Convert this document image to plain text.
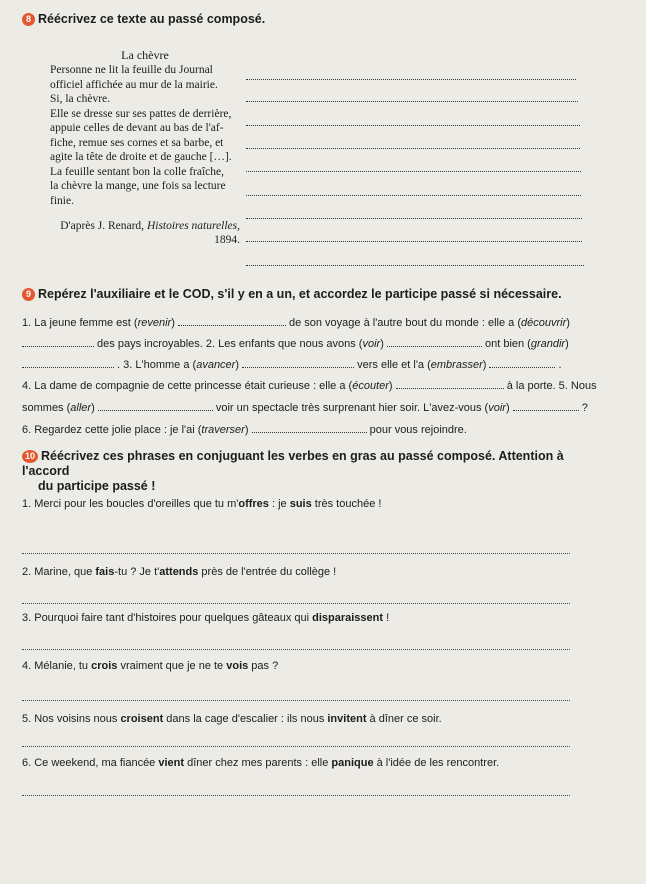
8 Réécrivez ce texte au passé composé.
La chèvre
Personne ne lit la feuille du Journal
officiel affichée au mur de la mairie.
Si, la chèvre.
Elle se dresse sur ses pattes de derrière,
appuie celles de devant au bas de l'af-
fiche, remue ses cornes et sa barbe, et
agite la tête de droite et de gauche […].
La feuille sentant bon la colle fraîche,
la chèvre la mange, une fois sa lecture
finie.
D'après J. Renard, Histoires naturelles,
1894.
9 Repérez l'auxiliaire et le COD, s'il y en a un, et accordez le participe passé si nécessaire.
1. La jeune femme est (revenir)	de son voyage à l'autre bout du monde : elle a (découvrir)
des pays incroyables. 2. Les enfants que nous avons (voir)	ont bien (grandir)
. 3. L'homme a (avancer)	vers elle et l'a (embrasser)	.
4. La dame de compagnie de cette princesse était curieuse : elle a (écouter)	à la porte. 5. Nous
sommes (aller)	voir un spectacle très surprenant hier soir. L'avez-vous (voir)	?
6. Regardez cette jolie place : je l'ai (traverser)	pour vous rejoindre.
10 Réécrivez ces phrases en conjuguant les verbes en gras au passé composé. Attention à l'accord
du participe passé !
1. Merci pour les boucles d'oreilles que tu m'offres : je suis très touchée !
2. Marine, que fais-tu ? Je t'attends près de l'entrée du collège !
3. Pourquoi faire tant d'histoires pour quelques gâteaux qui disparaissent !
4. Mélanie, tu crois vraiment que je ne te vois pas ?
5. Nos voisins nous croisent dans la cage d'escalier : ils nous invitent à dîner ce soir.
6. Ce weekend, ma fiancée vient dîner chez mes parents : elle panique à l'idée de les rencontrer.
